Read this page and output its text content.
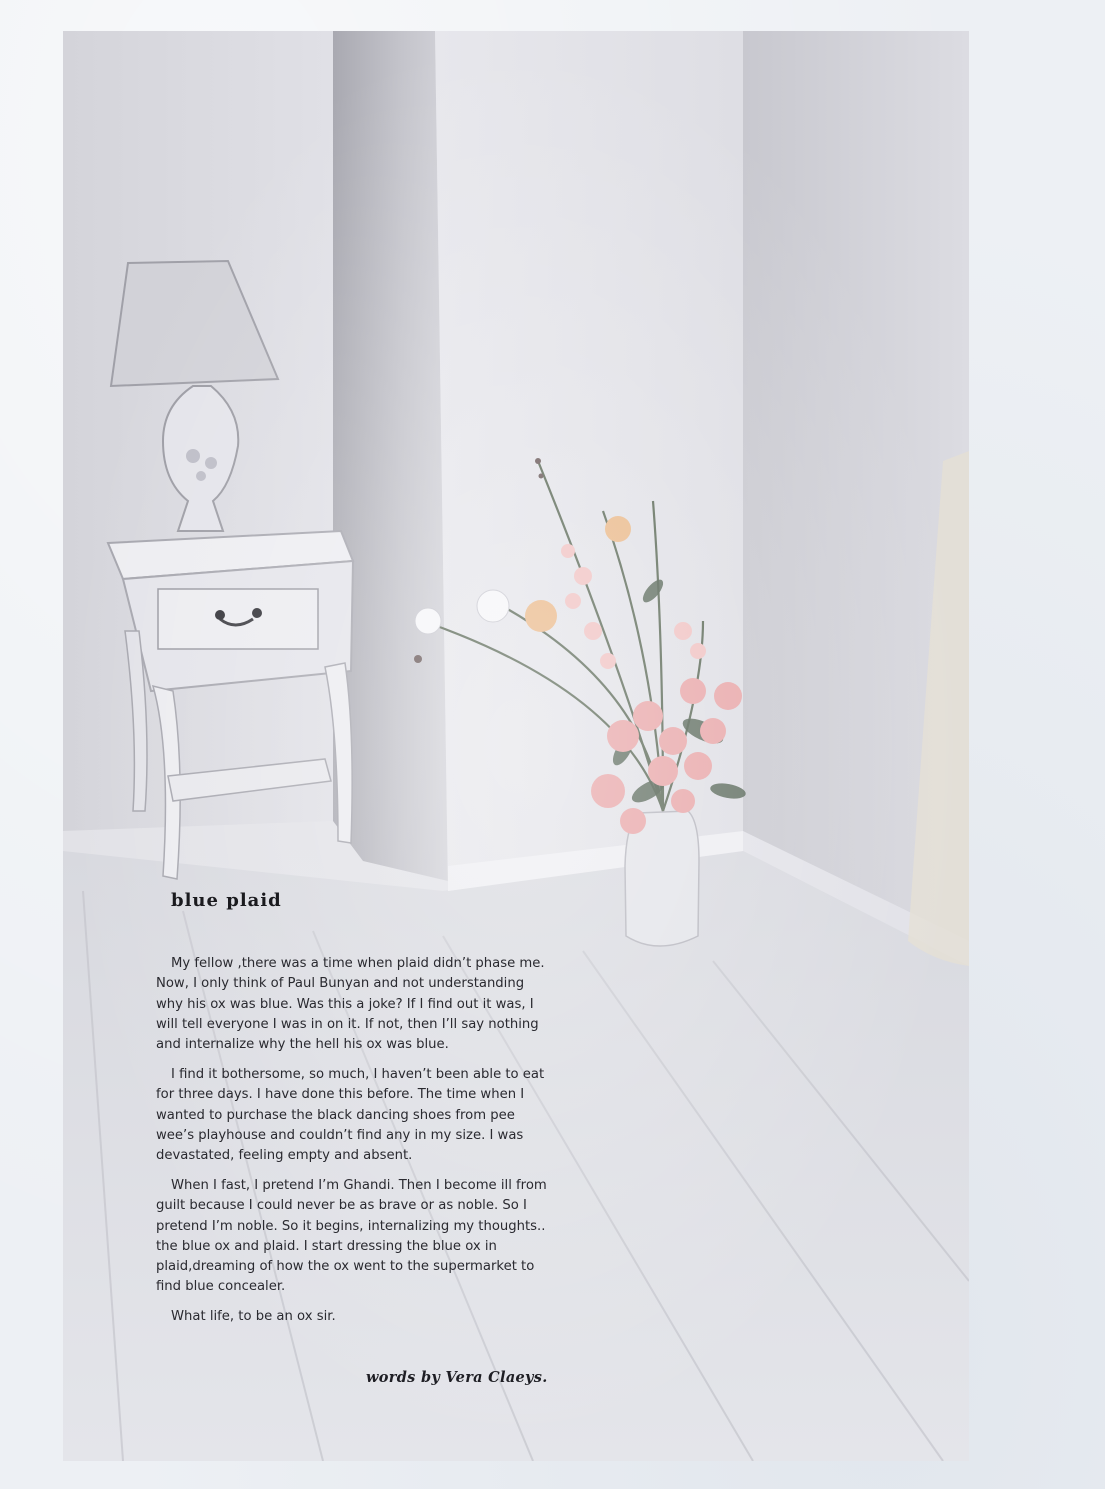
blue plaid

My fellow ,there was a time when plaid didn’t phase me. Now, I only think of Paul Bunyan and not understanding why his ox was blue. Was this a joke? If I find out it was, I will tell everyone I was in on it. If not, then I’ll say nothing and internalize why the hell his ox was blue.

I find it bothersome, so much, I haven’t been able to eat for three days. I have done this before. The time when I wanted to purchase the black dancing shoes from pee wee’s playhouse and couldn’t find any in my size. I was devastated, feeling empty and absent.

When I fast, I pretend I’m Ghandi. Then I become ill from guilt because I could never be as brave or as noble. So I pretend I’m noble. So it begins, internalizing my thoughts.. the blue ox and plaid. I start dressing the blue ox in plaid,dreaming of how the ox went to the supermarket to find blue concealer.

What life, to be an ox sir.

words by Vera Claeys.
